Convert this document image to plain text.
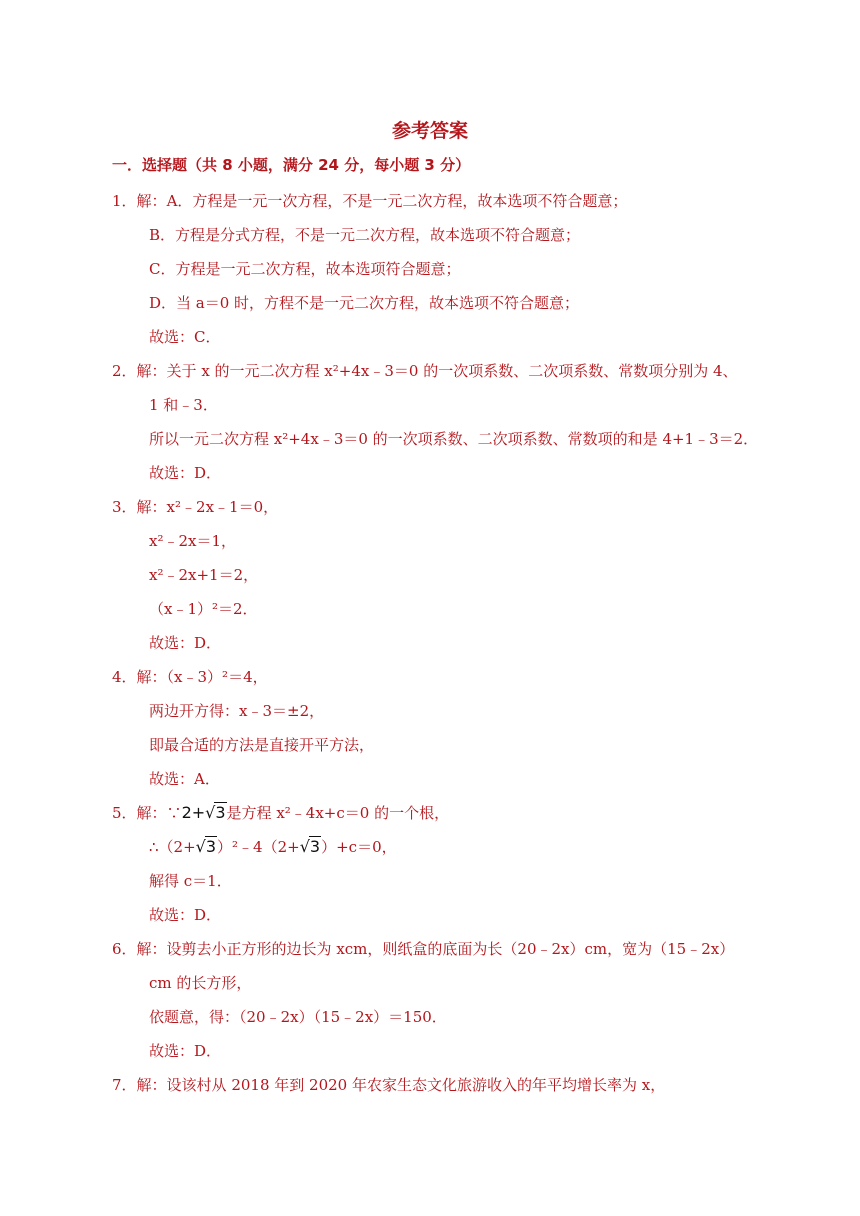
参考答案
一．选择题（共 8 小题，满分 24 分，每小题 3 分）
1．解：A．方程是一元一次方程，不是一元二次方程，故本选项不符合题意；
B．方程是分式方程，不是一元二次方程，故本选项不符合题意；
C．方程是一元二次方程，故本选项符合题意；
D．当 a＝0 时，方程不是一元二次方程，故本选项不符合题意；
故选：C．
2．解：关于 x 的一元二次方程 x²+4x﹣3＝0 的一次项系数、二次项系数、常数项分别为 4、
1 和﹣3．
所以一元二次方程 x²+4x﹣3＝0 的一次项系数、二次项系数、常数项的和是 4+1﹣3＝2．
故选：D．
3．解：x²﹣2x﹣1＝0，
x²﹣2x＝1，
x²﹣2x+1＝2，
（x﹣1）²＝2．
故选：D．
4．解：（x﹣3）²＝4，
两边开方得：x﹣3＝±2，
即最合适的方法是直接开平方法，
故选：A．
5．解：∵2+√3是方程 x²﹣4x+c＝0 的一个根，
∴（2+√3）²﹣4（2+√3）+c＝0，
解得 c＝1．
故选：D．
6．解：设剪去小正方形的边长为 xcm，则纸盒的底面为长（20﹣2x）cm，宽为（15﹣2x）
cm 的长方形，
依题意，得：（20﹣2x）（15﹣2x）＝150．
故选：D．
7．解：设该村从 2018 年到 2020 年农家生态文化旅游收入的年平均增长率为 x，
